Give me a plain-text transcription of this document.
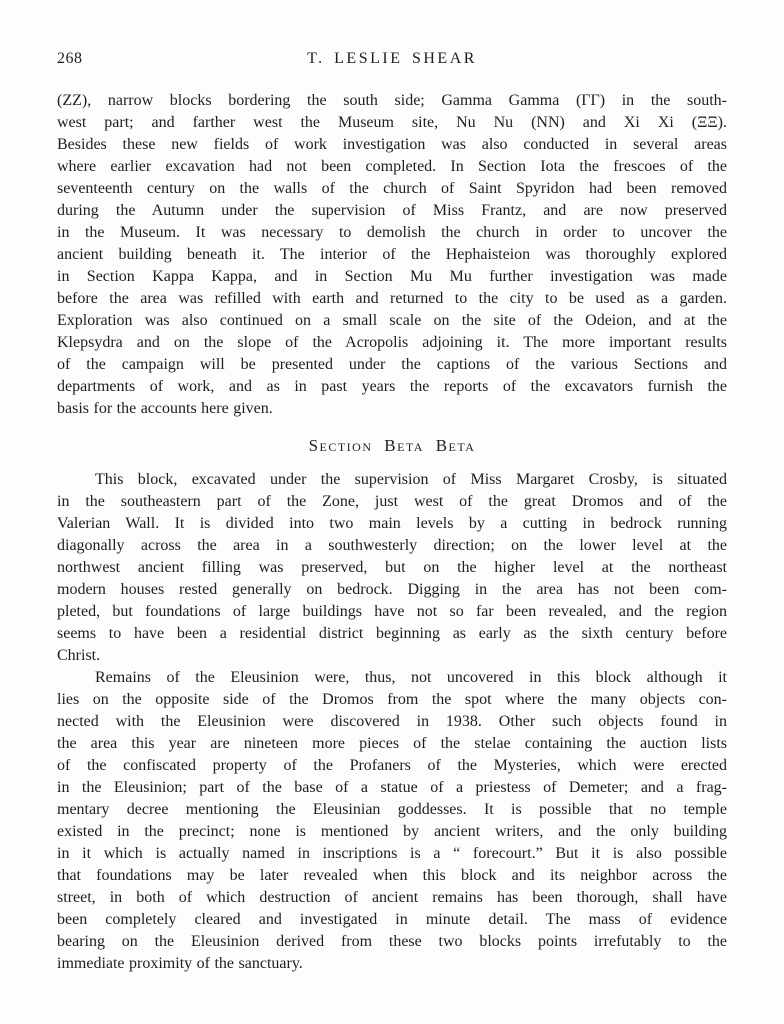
268	T. LESLIE SHEAR
(ZZ), narrow blocks bordering the south side; Gamma Gamma (ΓΓ) in the south-
west part; and farther west the Museum site, Nu Nu (NN) and Xi Xi (ΞΞ).
Besides these new fields of work investigation was also conducted in several areas
where earlier excavation had not been completed. In Section Iota the frescoes of the
seventeenth century on the walls of the church of Saint Spyridon had been removed
during the Autumn under the supervision of Miss Frantz, and are now preserved
in the Museum. It was necessary to demolish the church in order to uncover the
ancient building beneath it. The interior of the Hephaisteion was thoroughly explored
in Section Kappa Kappa, and in Section Mu Mu further investigation was made
before the area was refilled with earth and returned to the city to be used as a garden.
Exploration was also continued on a small scale on the site of the Odeion, and at the
Klepsydra and on the slope of the Acropolis adjoining it. The more important results
of the campaign will be presented under the captions of the various Sections and
departments of work, and as in past years the reports of the excavators furnish the
basis for the accounts here given.
Section Beta Beta
This block, excavated under the supervision of Miss Margaret Crosby, is situated
in the southeastern part of the Zone, just west of the great Dromos and of the
Valerian Wall. It is divided into two main levels by a cutting in bedrock running
diagonally across the area in a southwesterly direction; on the lower level at the
northwest ancient filling was preserved, but on the higher level at the northeast
modern houses rested generally on bedrock. Digging in the area has not been com-
pleted, but foundations of large buildings have not so far been revealed, and the region
seems to have been a residential district beginning as early as the sixth century before
Christ.
Remains of the Eleusinion were, thus, not uncovered in this block although it
lies on the opposite side of the Dromos from the spot where the many objects con-
nected with the Eleusinion were discovered in 1938. Other such objects found in
the area this year are nineteen more pieces of the stelae containing the auction lists
of the confiscated property of the Profaners of the Mysteries, which were erected
in the Eleusinion; part of the base of a statue of a priestess of Demeter; and a frag-
mentary decree mentioning the Eleusinian goddesses. It is possible that no temple
existed in the precinct; none is mentioned by ancient writers, and the only building
in it which is actually named in inscriptions is a “ forecourt.” But it is also possible
that foundations may be later revealed when this block and its neighbor across the
street, in both of which destruction of ancient remains has been thorough, shall have
been completely cleared and investigated in minute detail. The mass of evidence
bearing on the Eleusinion derived from these two blocks points irrefutably to the
immediate proximity of the sanctuary.
